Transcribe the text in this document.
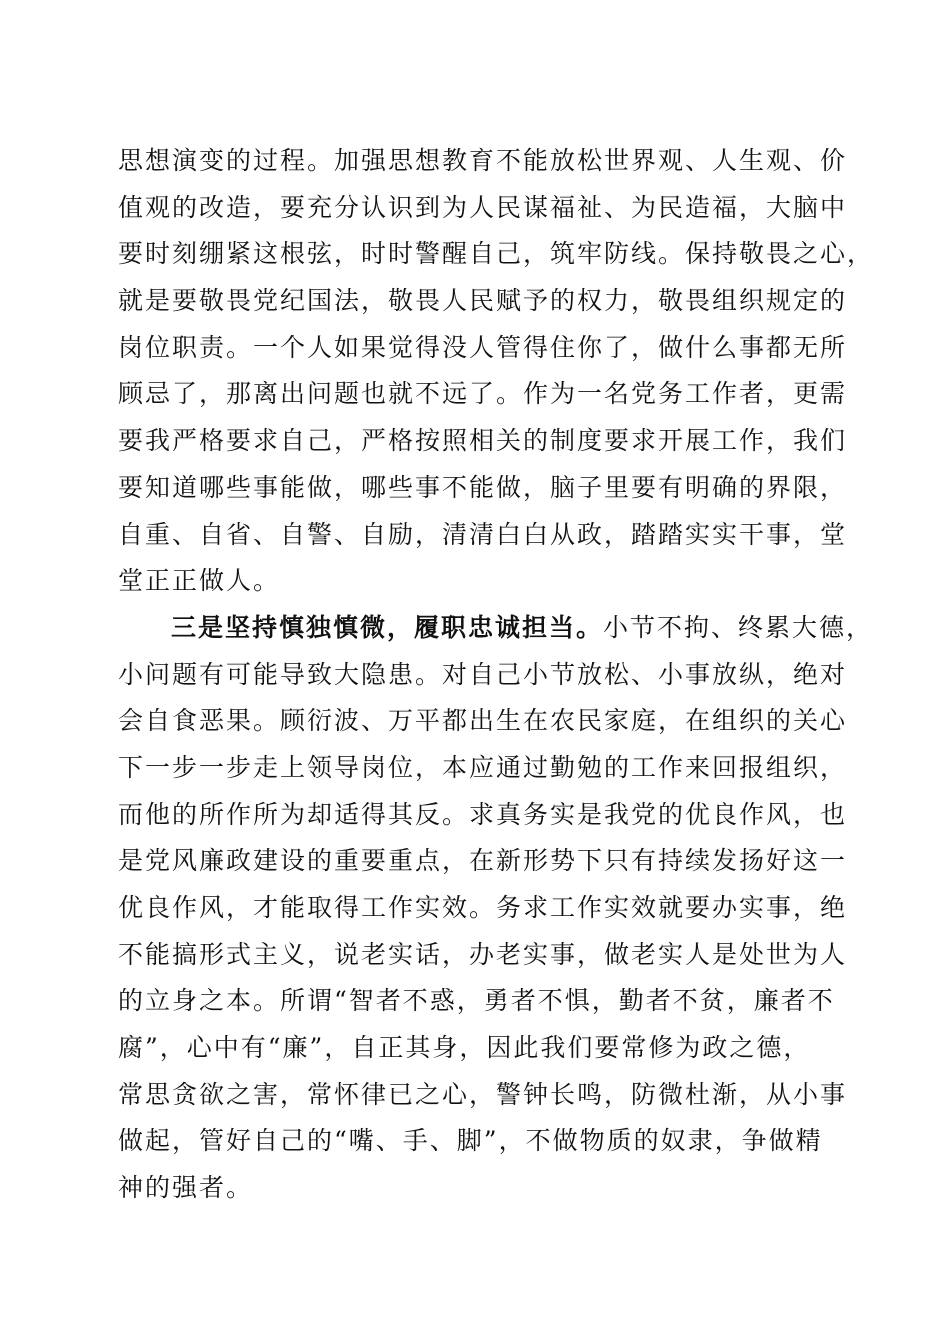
思想演变的过程。加强思想教育不能放松世界观、人生观、价
值观的改造，要充分认识到为人民谋福祉、为民造福，大脑中
要时刻绷紧这根弦，时时警醒自己，筑牢防线。保持敬畏之心，
就是要敬畏党纪国法，敬畏人民赋予的权力，敬畏组织规定的
岗位职责。一个人如果觉得没人管得住你了，做什么事都无所
顾忌了，那离出问题也就不远了。作为一名党务工作者，更需
要我严格要求自己，严格按照相关的制度要求开展工作，我们
要知道哪些事能做，哪些事不能做，脑子里要有明确的界限，
自重、自省、自警、自励，清清白白从政，踏踏实实干事，堂
堂正正做人。
三是坚持慎独慎微，履职忠诚担当。小节不拘、终累大德，
小问题有可能导致大隐患。对自己小节放松、小事放纵，绝对
会自食恶果。顾衍波、万平都出生在农民家庭，在组织的关心
下一步一步走上领导岗位，本应通过勤勉的工作来回报组织，
而他的所作所为却适得其反。求真务实是我党的优良作风，也
是党风廉政建设的重要重点，在新形势下只有持续发扬好这一
优良作风，才能取得工作实效。务求工作实效就要办实事，绝
不能搞形式主义，说老实话，办老实事，做老实人是处世为人
的立身之本。所谓“智者不惑，勇者不惧，勤者不贫，廉者不
腐”，心中有“廉”，自正其身，因此我们要常修为政之德，
常思贪欲之害，常怀律已之心，警钟长鸣，防微杜渐，从小事
做起，管好自己的“嘴、手、脚”，不做物质的奴隶，争做精
神的强者。
